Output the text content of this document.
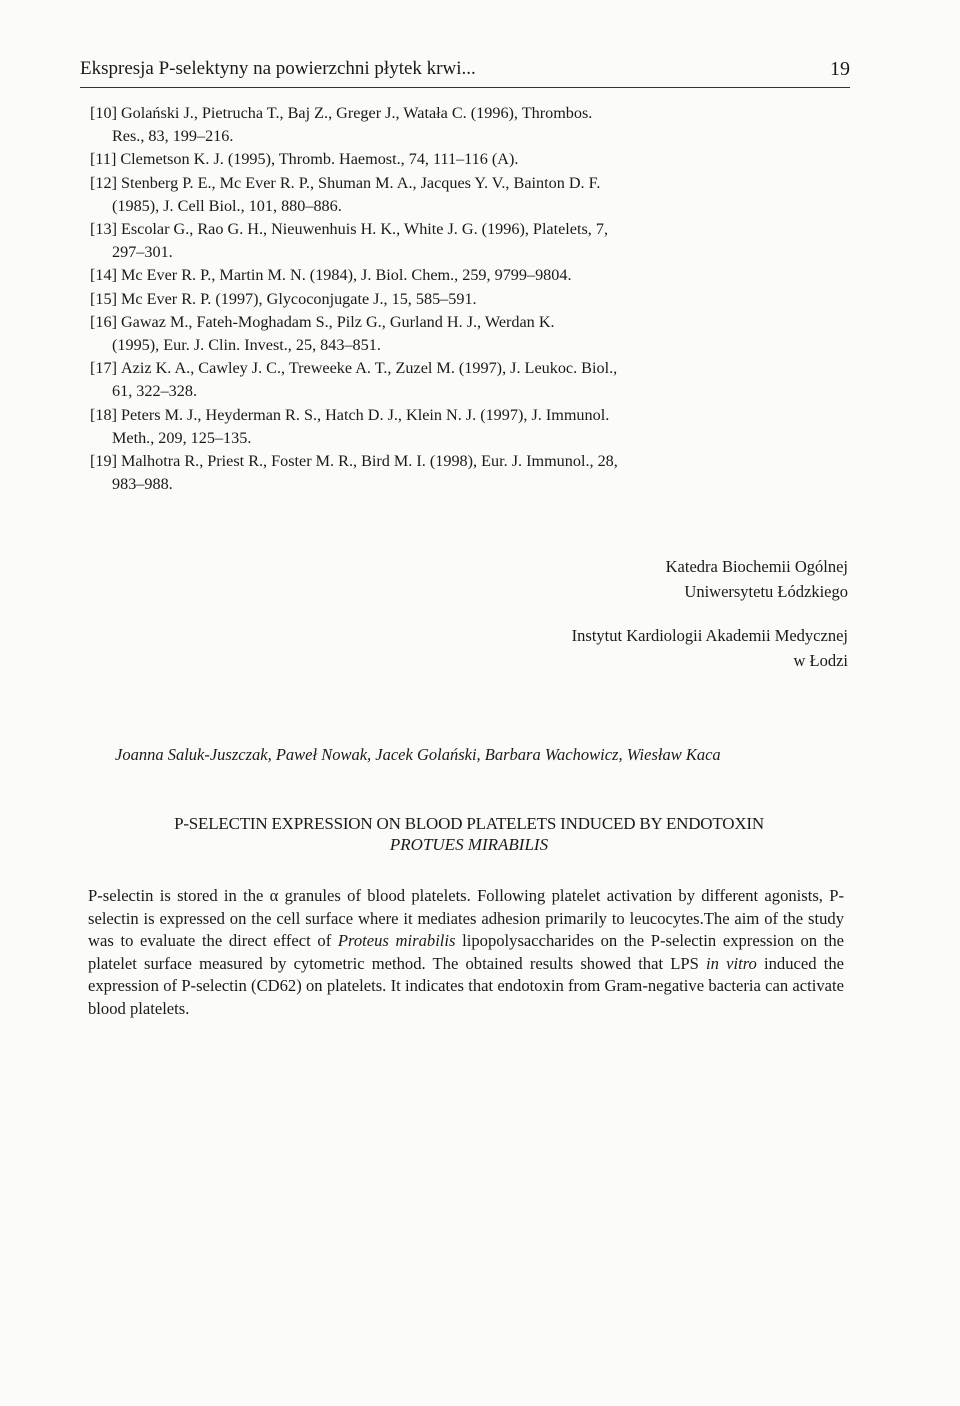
Ekspresja P-selektyny na powierzchni płytek krwi...	19

[10] Golański J., Pietrucha T., Baj Z., Greger J., Watała C. (1996), Thrombos.
Res., 83, 199–216.

[11] Clemetson K. J. (1995), Thromb. Haemost., 74, 111–116 (A).

[12] Stenberg P. E., Mc Ever R. P., Shuman M. A., Jacques Y. V., Bainton D. F.
(1985), J. Cell Biol., 101, 880–886.

[13] Escolar G., Rao G. H., Nieuwenhuis H. K., White J. G. (1996), Platelets, 7,
297–301.

[14] Mc Ever R. P., Martin M. N. (1984), J. Biol. Chem., 259, 9799–9804.

[15] Mc Ever R. P. (1997), Glycoconjugate J., 15, 585–591.

[16] Gawaz M., Fateh-Moghadam S., Pilz G., Gurland H. J., Werdan K.
(1995), Eur. J. Clin. Invest., 25, 843–851.

[17] Aziz K. A., Cawley J. C., Treweeke A. T., Zuzel M. (1997), J. Leukoc. Biol.,
61, 322–328.

[18] Peters M. J., Heyderman R. S., Hatch D. J., Klein N. J. (1997), J. Immunol.
Meth., 209, 125–135.

[19] Malhotra R., Priest R., Foster M. R., Bird M. I. (1998), Eur. J. Immunol., 28,
983–988.

Katedra Biochemii Ogólnej

Uniwersytetu Łódzkiego

Instytut Kardiologii Akademii Medycznej

w Łodzi

Joanna Saluk-Juszczak, Paweł Nowak, Jacek Golański, Barbara Wachowicz, Wiesław Kaca
P-SELECTIN EXPRESSION ON BLOOD PLATELETS INDUCED BY ENDOTOXIN
PROTUES MIRABILIS

P-selectin is stored in the α granules of blood platelets. Following platelet activation by different agonists, P-selectin is expressed on the cell surface where it mediates adhesion primarily to leucocytes.The aim of the study was to evaluate the direct effect of Proteus mirabilis lipopolysaccharides on the P-selectin expression on the platelet surface measured by cytometric method. The obtained results showed that LPS in vitro induced the expression of P-selectin (CD62) on platelets. It indicates that endotoxin from Gram-negative bacteria can activate blood platelets.
